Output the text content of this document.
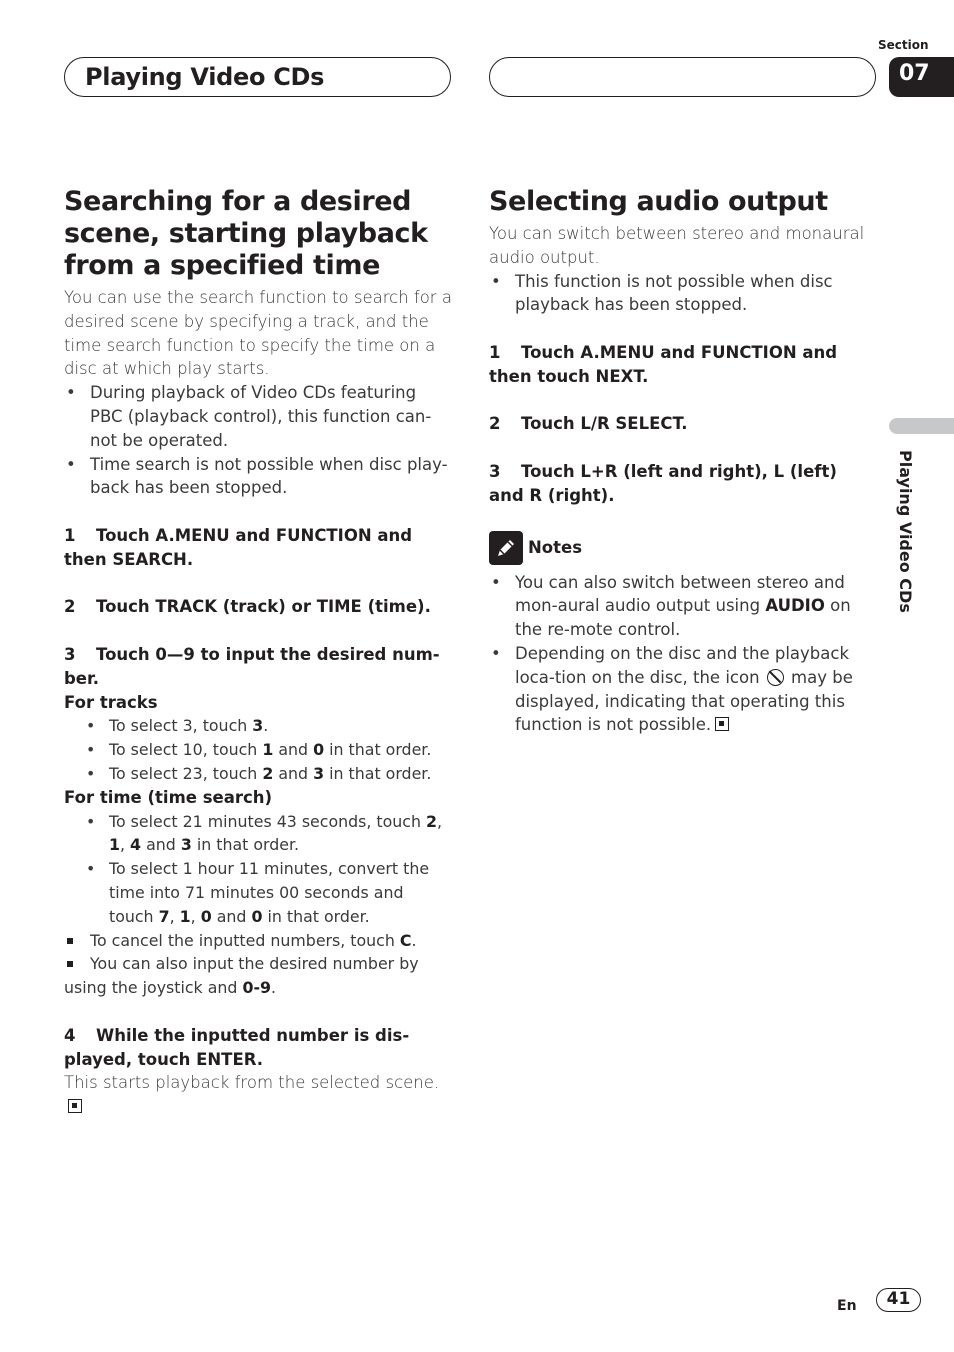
Playing Video CDs
Section
07
Playing Video CDs
Searching for a desired scene, starting playback from a specified time

You can use the search function to search for a desired scene by specifying a track, and the time search function to specify the time on a disc at which play starts.

• During playback of Video CDs featuring PBC (playback control), this function can-not be operated.
• Time search is not possible when disc play-back has been stopped.
1 Touch A.MENU and FUNCTION and then SEARCH.
2 Touch TRACK (track) or TIME (time).
3 Touch 0—9 to input the desired num-ber.
For tracks
• To select 3, touch 3.
• To select 10, touch 1 and 0 in that order.
• To select 23, touch 2 and 3 in that order.
For time (time search)
• To select 21 minutes 43 seconds, touch 2, 1, 4 and 3 in that order.
• To select 1 hour 11 minutes, convert the time into 71 minutes 00 seconds and touch 7, 1, 0 and 0 in that order.
To cancel the inputted numbers, touch C.
You can also input the desired number by using the joystick and 0-9.
4 While the inputted number is dis-played, touch ENTER.

This starts playback from the selected scene.

Selecting audio output

You can switch between stereo and monaural audio output.

• This function is not possible when disc playback has been stopped.
1 Touch A.MENU and FUNCTION and then touch NEXT.
2 Touch L/R SELECT.
3 Touch L+R (left and right), L (left) and R (right).
Notes
• You can also switch between stereo and mon-aural audio output using AUDIO on the re-mote control.
• Depending on the disc and the playback loca-tion on the disc, the icon  may be displayed, indicating that operating this function is not possible.
En	41
